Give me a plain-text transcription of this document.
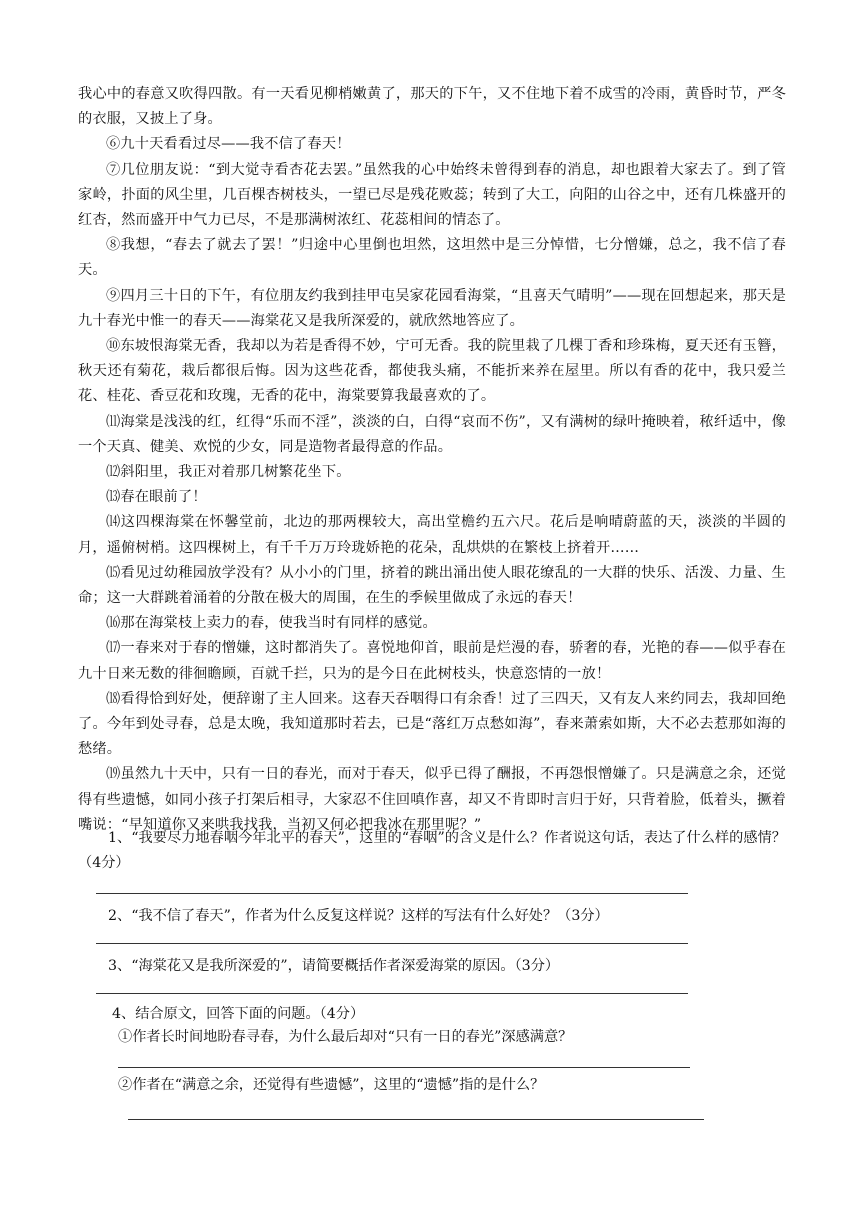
我心中的春意又吹得四散。有一天看见柳梢嫩黄了，那天的下午，又不住地下着不成雪的冷雨，黄昏时节，严冬的衣服，又披上了身。

⑥九十天看看过尽——我不信了春天！

⑦几位朋友说：“到大觉寺看杏花去罢。”虽然我的心中始终未曾得到春的消息，却也跟着大家去了。到了管家岭，扑面的风尘里，几百棵杏树枝头，一望已尽是残花败蕊；转到了大工，向阳的山谷之中，还有几株盛开的红杏，然而盛开中气力已尽，不是那满树浓红、花蕊相间的情态了。

⑧我想，“春去了就去了罢！”归途中心里倒也坦然，这坦然中是三分悼惜，七分憎嫌，总之，我不信了春天。

⑨四月三十日的下午，有位朋友约我到挂甲屯吴家花园看海棠，“且喜天气晴明”——现在回想起来，那天是九十春光中惟一的春天——海棠花又是我所深爱的，就欣然地答应了。

⑩东坡恨海棠无香，我却以为若是香得不妙，宁可无香。我的院里栽了几棵丁香和珍珠梅，夏天还有玉簪，秋天还有菊花，栽后都很后悔。因为这些花香，都使我头痛，不能折来养在屋里。所以有香的花中，我只爱兰花、桂花、香豆花和玫瑰，无香的花中，海棠要算我最喜欢的了。

⑾海棠是浅浅的红，红得“乐而不淫”，淡淡的白，白得“哀而不伤”，又有满树的绿叶掩映着，秾纤适中，像一个天真、健美、欢悦的少女，同是造物者最得意的作品。

⑿斜阳里，我正对着那几树繁花坐下。

⒀春在眼前了！

⒁这四棵海棠在怀馨堂前，北边的那两棵较大，高出堂檐约五六尺。花后是响晴蔚蓝的天，淡淡的半圆的月，遥俯树梢。这四棵树上，有千千万万玲珑娇艳的花朵，乱烘烘的在繁枝上挤着开……

⒂看见过幼稚园放学没有？从小小的门里，挤着的跳出涌出使人眼花缭乱的一大群的快乐、活泼、力量、生命；这一大群跳着涌着的分散在极大的周围，在生的季候里做成了永远的春天！

⒃那在海棠枝上卖力的春，使我当时有同样的感觉。

⒄一春来对于春的憎嫌，这时都消失了。喜悦地仰首，眼前是烂漫的春，骄奢的春，光艳的春——似乎春在九十日来无数的徘徊瞻顾，百就千拦，只为的是今日在此树枝头，快意恣情的一放！

⒅看得恰到好处，便辞谢了主人回来。这春天吞咽得口有余香！过了三四天，又有友人来约同去，我却回绝了。今年到处寻春，总是太晚，我知道那时若去，已是“落红万点愁如海”，春来萧索如斯，大不必去惹那如海的愁绪。

⒆虽然九十天中，只有一日的春光，而对于春天，似乎已得了酬报，不再怨恨憎嫌了。只是满意之余，还觉得有些遗憾，如同小孩子打架后相寻，大家忍不住回嗔作喜，却又不肯即时言归于好，只背着脸，低着头，撅着嘴说：“早知道你又来哄我找我，当初又何必把我冰在那里呢？”

1、“我要尽力地春咽今年北平的春天”，这里的“春咽”的含义是什么？作者说这句话，表达了什么样的感情？（4分）

2、“我不信了春天”，作者为什么反复这样说？这样的写法有什么好处？（3分）

3、“海棠花又是我所深爱的”，请简要概括作者深爱海棠的原因。（3分）

4、结合原文，回答下面的问题。（4分）

①作者长时间地盼春寻春，为什么最后却对“只有一日的春光”深感满意？
②作者在“满意之余，还觉得有些遗憾”，这里的“遗憾”指的是什么？
